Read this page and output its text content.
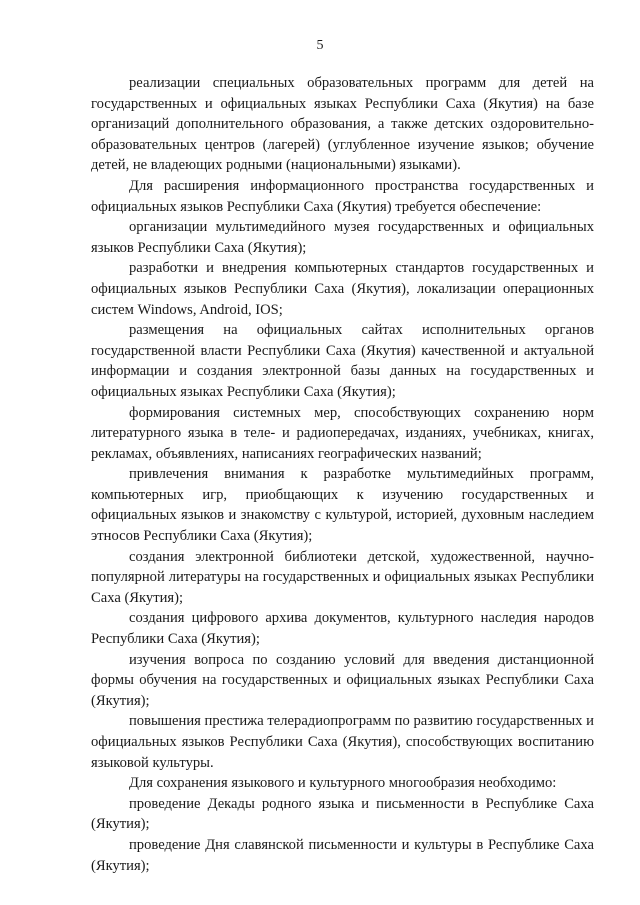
5

реализации специальных образовательных программ для детей на государственных и официальных языках Республики Саха (Якутия) на базе организаций дополнительного образования, а также детских оздоровительно-образовательных центров (лагерей) (углубленное изучение языков; обучение детей, не владеющих родными (национальными) языками).

Для расширения информационного пространства государственных и официальных языков Республики Саха (Якутия) требуется обеспечение:

организации мультимедийного музея государственных и официальных языков Республики Саха (Якутия);

разработки и внедрения компьютерных стандартов государственных и официальных языков Республики Саха (Якутия), локализации операционных систем Windows, Android, IOS;

размещения на официальных сайтах исполнительных органов государственной власти Республики Саха (Якутия) качественной и актуальной информации и создания электронной базы данных на государственных и официальных языках Республики Саха (Якутия);

формирования системных мер, способствующих сохранению норм литературного языка в теле- и радиопередачах, изданиях, учебниках, книгах, рекламах, объявлениях, написаниях географических названий;

привлечения внимания к разработке мультимедийных программ, компьютерных игр, приобщающих к изучению государственных и официальных языков и знакомству с культурой, историей, духовным наследием этносов Республики Саха (Якутия);

создания электронной библиотеки детской, художественной, научно-популярной литературы на государственных и официальных языках Республики Саха (Якутия);

создания цифрового архива документов, культурного наследия народов Республики Саха (Якутия);

изучения вопроса по созданию условий для введения дистанционной формы обучения на государственных и официальных языках Республики Саха (Якутия);

повышения престижа телерадиопрограмм по развитию государственных и официальных языков Республики Саха (Якутия), способствующих воспитанию языковой культуры.

Для сохранения языкового и культурного многообразия необходимо:

проведение Декады родного языка и письменности в Республике Саха (Якутия);

проведение Дня славянской письменности и культуры в Республике Саха (Якутия);
